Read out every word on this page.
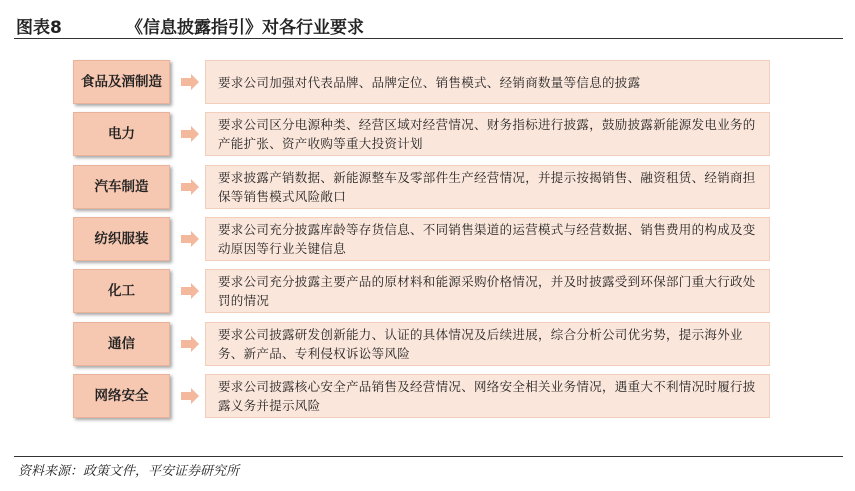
图表8	《信息披露指引》对各行业要求
食品及酒制造	要求公司加强对代表品牌、品牌定位、销售模式、经销商数量等信息的披露
电力
要求公司区分电源种类、经营区域对经营情况、财务指标进行披露，鼓励披露新能源发电业务的产能扩张、资产收购等重大投资计划
汽车制造
要求披露产销数据、新能源整车及零部件生产经营情况，并提示按揭销售、融资租赁、经销商担保等销售模式风险敞口
纺织服装
要求公司充分披露库龄等存货信息、不同销售渠道的运营模式与经营数据、销售费用的构成及变动原因等行业关键信息
化工
要求公司充分披露主要产品的原材料和能源采购价格情况，并及时披露受到环保部门重大行政处罚的情况
通信
要求公司披露研发创新能力、认证的具体情况及后续进展，综合分析公司优劣势，提示海外业务、新产品、专利侵权诉讼等风险
网络安全
要求公司披露核心安全产品销售及经营情况、网络安全相关业务情况，遇重大不利情况时履行披露义务并提示风险
资料来源：政策文件，平安证券研究所
